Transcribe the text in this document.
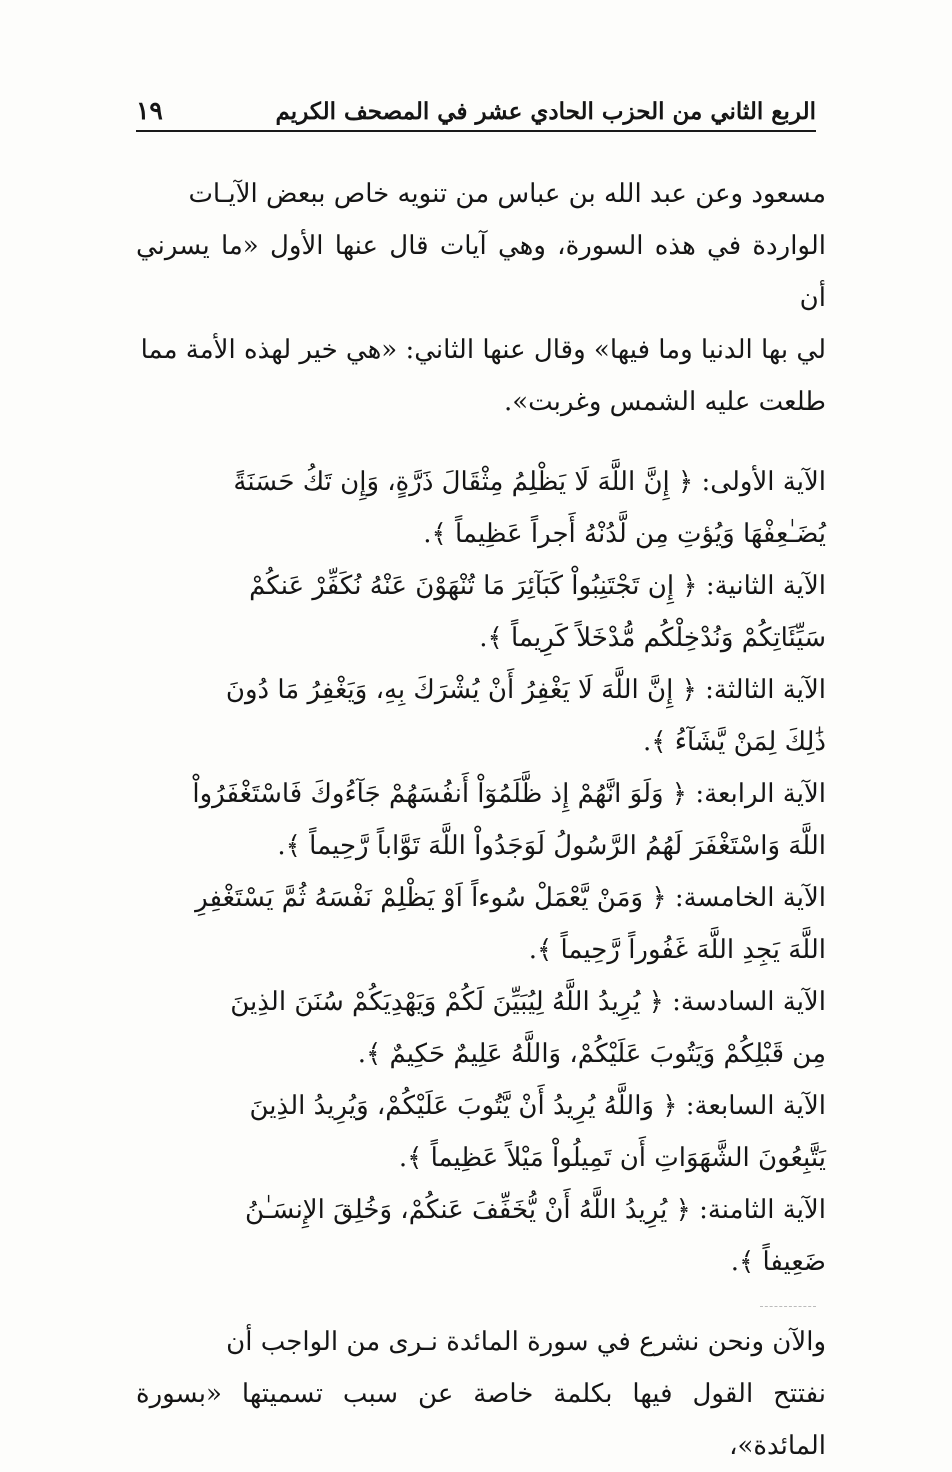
الربع الثاني من الحزب الحادي عشر في المصحف الكريم
١٩

مسعود وعن عبد الله بن عباس من تنويه خاص ببعض الآيـات
الواردة في هذه السورة، وهي آيات قال عنها الأول «ما يسرني أن
لي بها الدنيا وما فيها» وقال عنها الثاني: «هي خير لهذه الأمة مما
طلعت عليه الشمس وغربت».

الآية الأولى: ﴿ إِنَّ اللَّهَ لَا يَظْلِمُ مِثْقَالَ ذَرَّةٍ، وَإِن تَكُ حَسَنَةً
يُضَـٰعِفْهَا وَيُؤتِ مِن لَّدُنْهُ أَجراً عَظِيماً ﴾.

الآية الثانية: ﴿ إِن تَجْتَنِبُواْ كَبَآئِرَ مَا تُنْهَوْنَ عَنْهُ نُكَفِّرْ عَنكُمْ
سَيِّئَاتِكُمْ وَنُدْخِلْكُم مُّدْخَلاً كَرِيماً ﴾.

الآية الثالثة: ﴿ إِنَّ اللَّهَ لَا يَغْفِرُ أَنْ يُشْرَكَ بِهِ، وَيَغْفِرُ مَا دُونَ
ذَٰلِكَ لِمَنْ يَّشَآءُ ﴾.

الآية الرابعة: ﴿ وَلَوَ انَّهُمْ إِذ ظَّلَمُوٓاْ أَنفُسَهُمْ جَآءُوكَ فَاسْتَغْفَرُواْ
اللَّهَ وَاسْتَغْفَرَ لَهُمُ الرَّسُولُ لَوَجَدُواْ اللَّهَ تَوَّاباً رَّحِيماً ﴾.

الآية الخامسة: ﴿ وَمَنْ يَّعْمَلْ سُوءاً اَوْ يَظْلِمْ نَفْسَهُ ثُمَّ يَسْتَغْفِرِ
اللَّهَ يَجِدِ اللَّهَ غَفُوراً رَّحِيماً ﴾.

الآية السادسة: ﴿ يُرِيدُ اللَّهُ لِيُبَيِّنَ لَكُمْ وَيَهْدِيَكُمْ سُنَنَ الذِينَ
مِن قَبْلِكُمْ وَيَتُوبَ عَلَيْكُمْ، وَاللَّهُ عَلِيمٌ حَكِيمٌ ﴾.

الآية السابعة: ﴿ وَاللَّهُ يُرِيدُ أَنْ يَّتُوبَ عَلَيْكُمْ، وَيُرِيدُ الذِينَ
يَتَّبِعُونَ الشَّهَوَاتِ أَن تَمِيلُواْ مَيْلاً عَظِيماً ﴾.

الآية الثامنة: ﴿ يُرِيدُ اللَّهُ أَنْ يُّخَفِّفَ عَنكُمْ، وَخُلِقَ الإِنسَـٰنُ
ضَعِيفاً ﴾.

والآن ونحن نشرع في سورة المائدة نـرى من الواجب أن
نفتتح القول فيها بكلمة خاصة عن سبب تسميتها «بسورة المائدة»،
